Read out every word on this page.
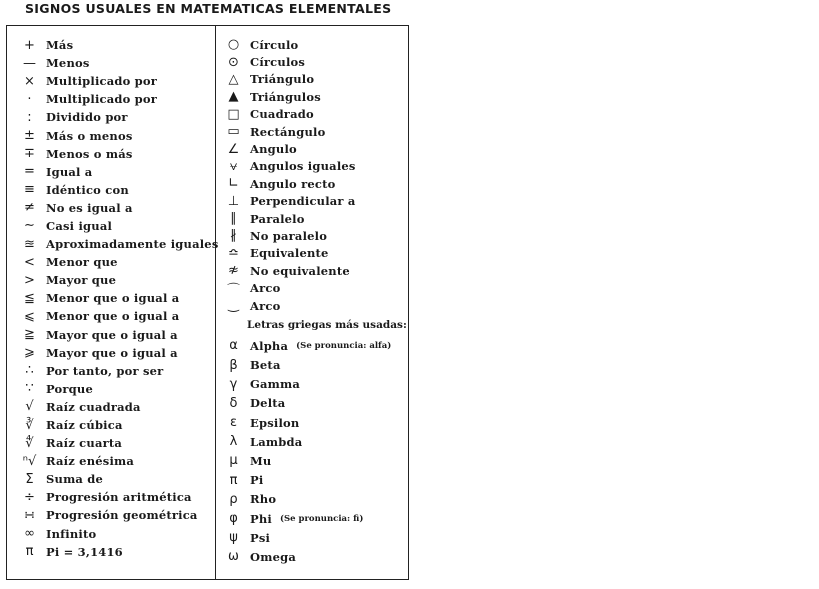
SIGNOS USUALES EN MATEMATICAS ELEMENTALES
+ Más
— Menos
× Multiplicado por
·	Multiplicado por
:	Dividido por
± Más o menos
∓ Menos o más
= Igual a
≡ Idéntico con
≠ No es igual a
∼ Casi igual
≊ Aproximadamente iguales
< Menor que
> Mayor que
≦ Menor que o igual a
⩽ Menor que o igual a
≧ Mayor que o igual a
⩾ Mayor que o igual a
∴	Por tanto, por ser
∵	Porque
√	Raíz cuadrada
∛	Raíz cúbica
∜	Raíz cuarta
ⁿ√ Raíz enésima
Σ	Suma de
÷ Progresión aritmética
∺ Progresión geométrica
∞ Infinito
π	Pi = 3,1416
○ Círculo
⊙ Círculos
△	Triángulo
▲	Triángulos
□ Cuadrado
▭ Rectángulo
∠ Angulo
⩝	Angulos iguales
∟ Angulo recto
⊥ Perpendicular a
∥	Paralelo
∦	No paralelo
≏ Equivalente
≉ No equivalente
⌒ Arco
‿ Arco
Letras griegas más usadas:
α	Alpha (Se pronuncia: alfa)
β	Beta
γ	Gamma
δ	Delta
ε	Epsilon
λ	Lambda
μ	Mu
π	Pi
ρ	Rho
φ	Phi (Se pronuncia: fi)
ψ	Psi
ω Omega
